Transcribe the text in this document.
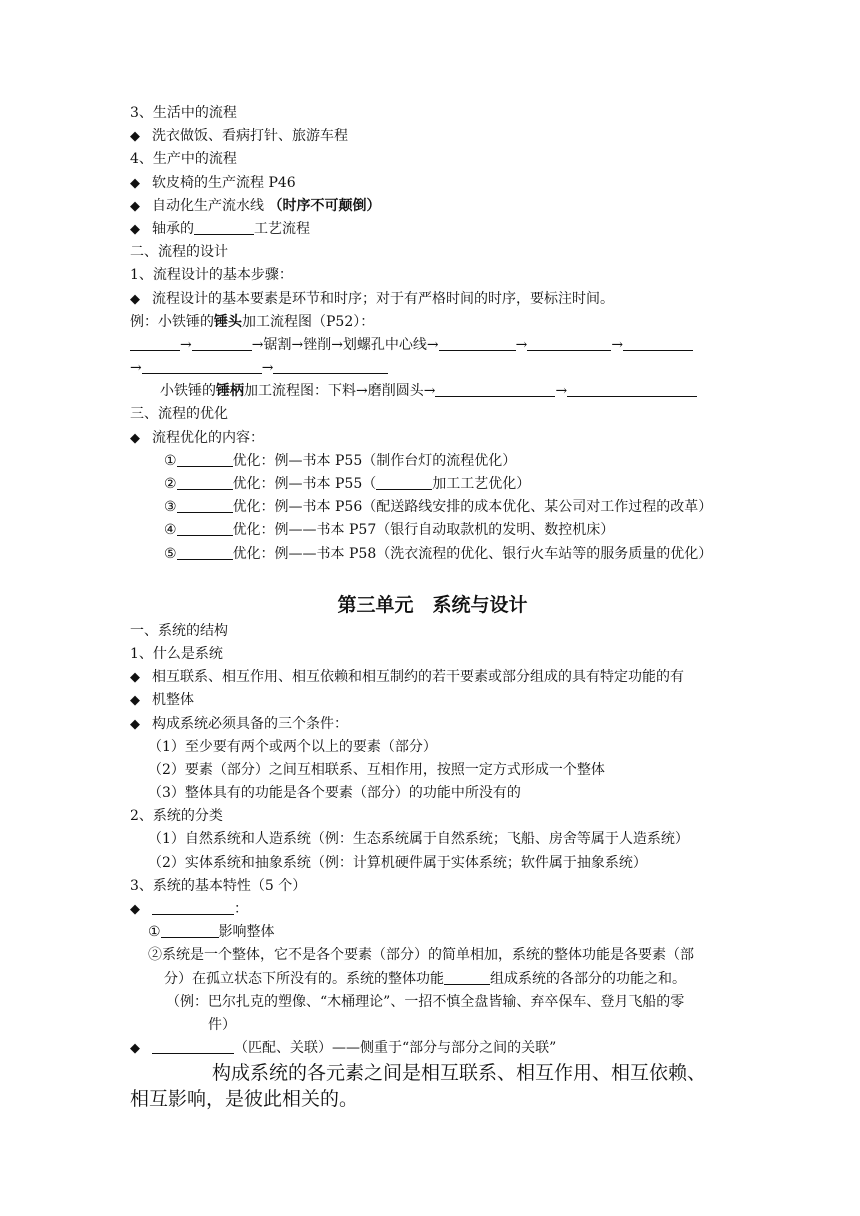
3、生活中的流程
◆ 洗衣做饭、看病打针、旅游车程
4、生产中的流程
◆ 软皮椅的生产流程 P46
◆ 自动化生产流水线 （时序不可颠倒）
◆ 轴承的	工艺流程
二、流程的设计
1、流程设计的基本步骤：
◆ 流程设计的基本要素是环节和时序；对于有严格时间的时序，要标注时间。
例：小铁锤的锤头加工流程图（P52）：
→	→锯割→锉削→划螺孔中心线→	→	→
→	→
小铁锤的锤柄加工流程图：下料→磨削圆头→	→
三、流程的优化
◆ 流程优化的内容：
①	优化：例—书本 P55（制作台灯的流程优化）
②	优化：例—书本 P55（	加工工艺优化）
③	优化：例—书本 P56（配送路线安排的成本优化、某公司对工作过程的改革）
④	优化：例——书本 P57（银行自动取款机的发明、数控机床）
⑤	优化：例——书本 P58（洗衣流程的优化、银行火车站等的服务质量的优化）
第三单元　系统与设计
一、系统的结构
1、什么是系统
◆ 相互联系、相互作用、相互依赖和相互制约的若干要素或部分组成的具有特定功能的有
◆ 机整体
◆ 构成系统必须具备的三个条件：
（1）至少要有两个或两个以上的要素（部分）
（2）要素（部分）之间互相联系、互相作用，按照一定方式形成一个整体
（3）整体具有的功能是各个要素（部分）的功能中所没有的
2、系统的分类
（1）自然系统和人造系统（例：生态系统属于自然系统；飞船、房舍等属于人造系统）
（2）实体系统和抽象系统（例：计算机硬件属于实体系统；软件属于抽象系统）
3、系统的基本特性（5 个）
◆ ：
①	影响整体
②系统是一个整体，它不是各个要素（部分）的简单相加，系统的整体功能是各要素（部
分）在孤立状态下所没有的。系统的整体功能	组成系统的各部分的功能之和。
（例：巴尔扎克的塑像、“木桶理论”、一招不慎全盘皆输、弃卒保车、登月飞船的零
件）
◆ （匹配、关联）——侧重于“部分与部分之间的关联”
构成系统的各元素之间是相互联系、相互作用、相互依赖、
相互影响，是彼此相关的。
